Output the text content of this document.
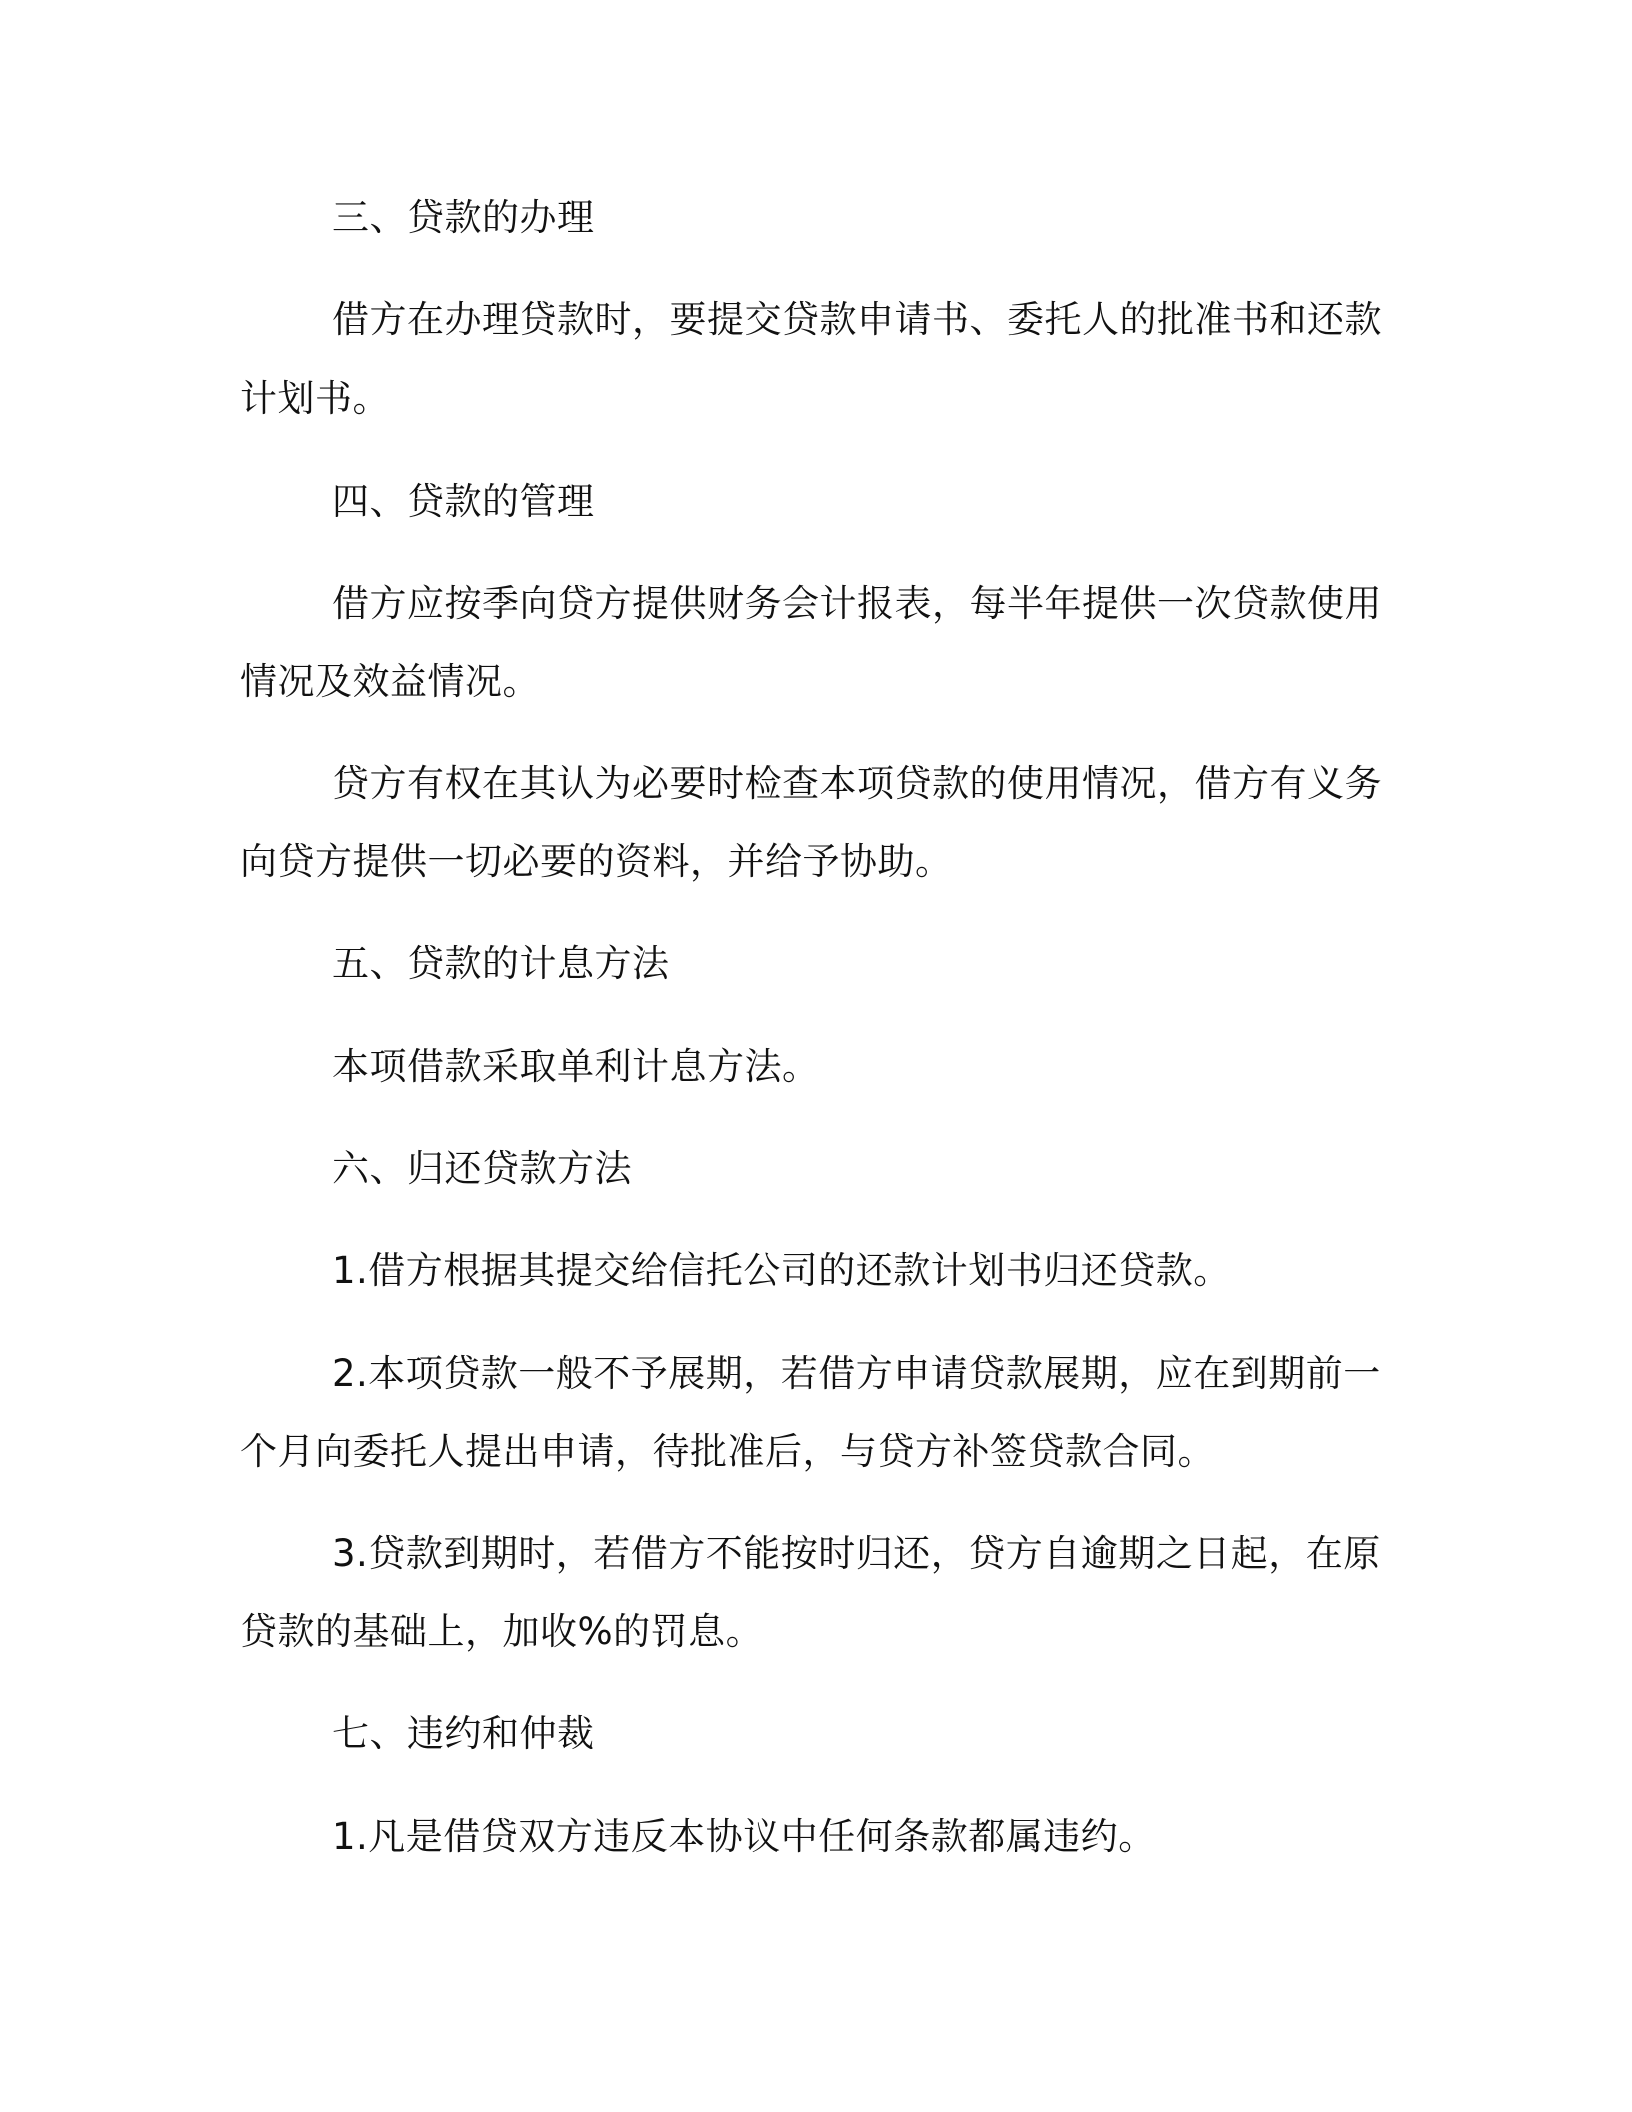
三、贷款的办理
借方在办理贷款时，要提交贷款申请书、委托人的批准书和还款
计划书。
四、贷款的管理
借方应按季向贷方提供财务会计报表，每半年提供一次贷款使用
情况及效益情况。
贷方有权在其认为必要时检查本项贷款的使用情况，借方有义务
向贷方提供一切必要的资料，并给予协助。
五、贷款的计息方法
本项借款采取单利计息方法。
六、归还贷款方法
1.借方根据其提交给信托公司的还款计划书归还贷款。
2.本项贷款一般不予展期，若借方申请贷款展期，应在到期前一
个月向委托人提出申请，待批准后，与贷方补签贷款合同。
3.贷款到期时，若借方不能按时归还，贷方自逾期之日起，在原
贷款的基础上，加收%的罚息。
七、违约和仲裁
1.凡是借贷双方违反本协议中任何条款都属违约。
